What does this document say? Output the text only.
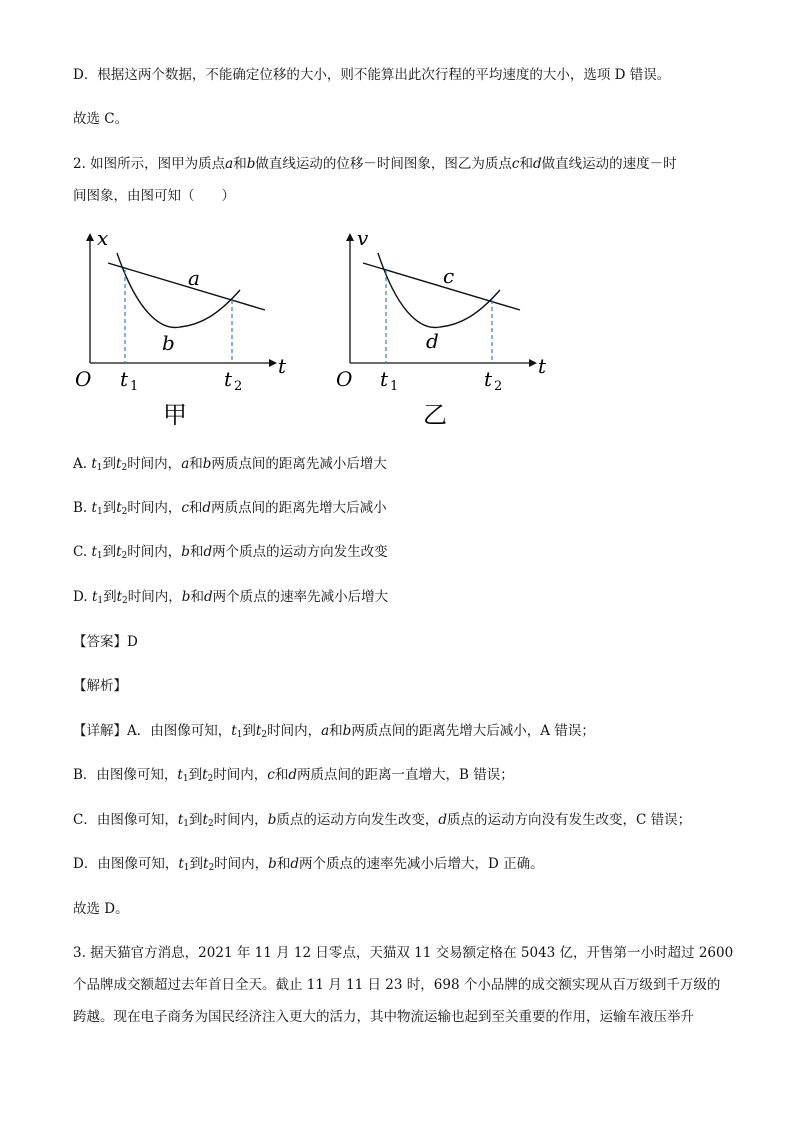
D．根据这两个数据，不能确定位移的大小，则不能算出此次行程的平均速度的大小，选项 D 错误。
故选 C。
2. 如图所示，图甲为质点a和b做直线运动的位移－时间图象，图乙为质点c和d做直线运动的速度－时
间图象，由图可知（　　）
x
t
O t 1	t 2
a
b
甲
v
t
O t 1	t 2
c
d
乙
A. $t_1$到$t_2$时间内，a和b两质点间的距离先减小后增大
B. $t_1$到$t_2$时间内，c和d两质点间的距离先增大后减小
C. $t_1$到$t_2$时间内，b和d两个质点的运动方向发生改变
D. $t_1$到$t_2$时间内，b和d两个质点的速率先减小后增大
【答案】D
【解析】
【详解】A．由图像可知，$t_1$到$t_2$时间内，a和b两质点间的距离先增大后减小，A 错误；
B．由图像可知，$t_1$到$t_2$时间内，c和d两质点间的距离一直增大，B 错误；
C．由图像可知，$t_1$到$t_2$时间内，b质点的运动方向发生改变，d质点的运动方向没有发生改变，C 错误；
D．由图像可知，$t_1$到$t_2$时间内，b和d两个质点的速率先减小后增大，D 正确。
故选 D。
3. 据天猫官方消息，2021 年 11 月 12 日零点，天猫双 11 交易额定格在 5043 亿，开售第一小时超过 2600
个品牌成交额超过去年首日全天。截止 11 月 11 日 23 时，698 个小品牌的成交额实现从百万级到千万级的
跨越。现在电子商务为国民经济注入更大的活力，其中物流运输也起到至关重要的作用，运输车液压举升
